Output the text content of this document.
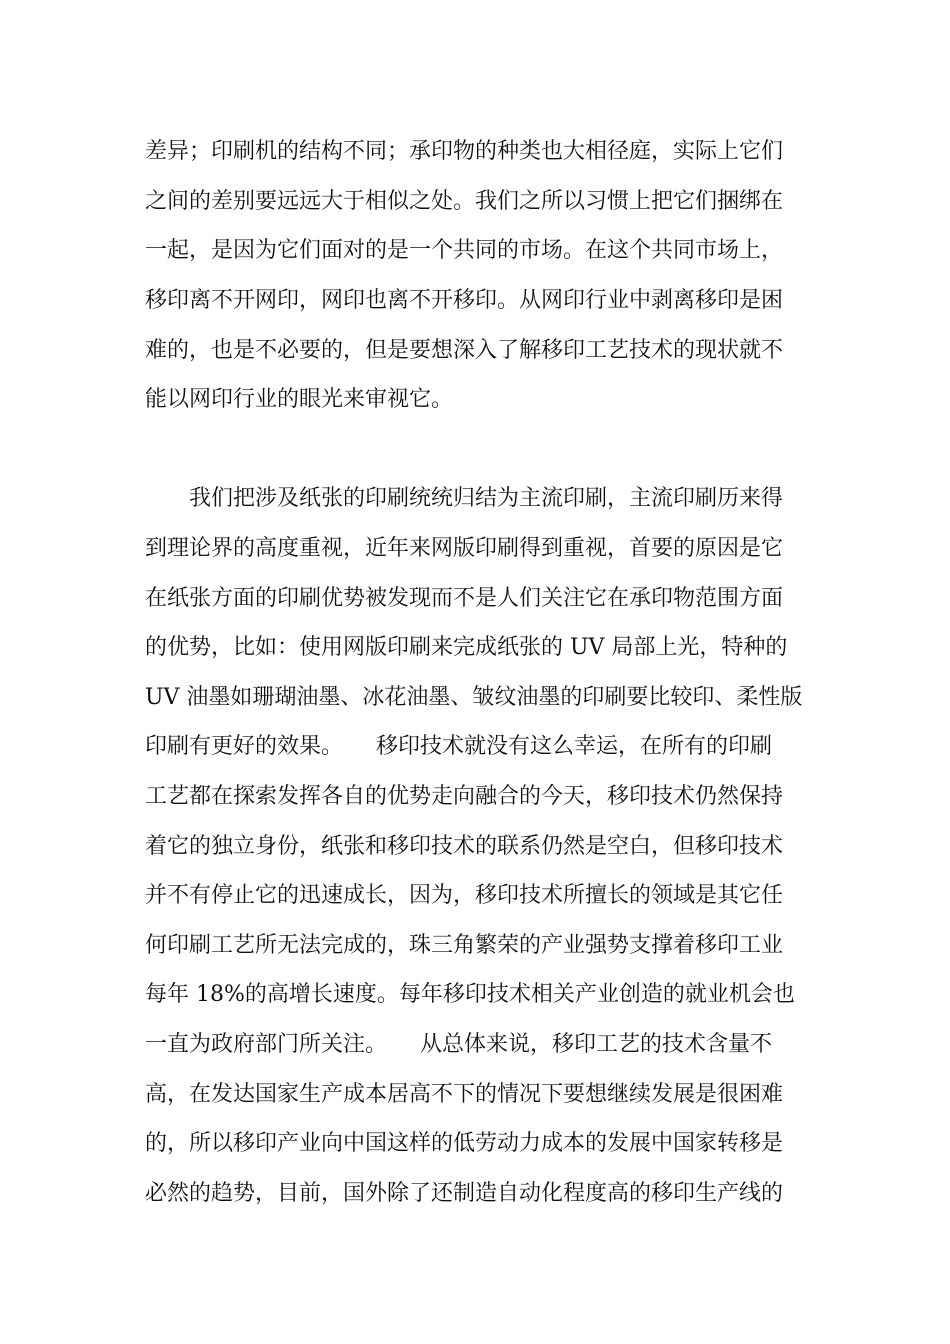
差异；印刷机的结构不同；承印物的种类也大相径庭，实际上它们
之间的差别要远远大于相似之处。我们之所以习惯上把它们捆绑在
一起，是因为它们面对的是一个共同的市场。在这个共同市场上，
移印离不开网印，网印也离不开移印。从网印行业中剥离移印是困
难的，也是不必要的，但是要想深入了解移印工艺技术的现状就不
能以网印行业的眼光来审视它。
我们把涉及纸张的印刷统统归结为主流印刷，主流印刷历来得
到理论界的高度重视，近年来网版印刷得到重视，首要的原因是它
在纸张方面的印刷优势被发现而不是人们关注它在承印物范围方面
的优势，比如：使用网版印刷来完成纸张的 UV 局部上光，特种的
UV 油墨如珊瑚油墨、冰花油墨、皱纹油墨的印刷要比较印、柔性版
印刷有更好的效果。　　移印技术就没有这么幸运，在所有的印刷
工艺都在探索发挥各自的优势走向融合的今天，移印技术仍然保持
着它的独立身份，纸张和移印技术的联系仍然是空白，但移印技术
并不有停止它的迅速成长，因为，移印技术所擅长的领域是其它任
何印刷工艺所无法完成的，珠三角繁荣的产业强势支撑着移印工业
每年 18%的高增长速度。每年移印技术相关产业创造的就业机会也
一直为政府部门所关注。　　从总体来说，移印工艺的技术含量不
高，在发达国家生产成本居高不下的情况下要想继续发展是很困难
的，所以移印产业向中国这样的低劳动力成本的发展中国家转移是
必然的趋势，目前，国外除了还制造自动化程度高的移印生产线的
